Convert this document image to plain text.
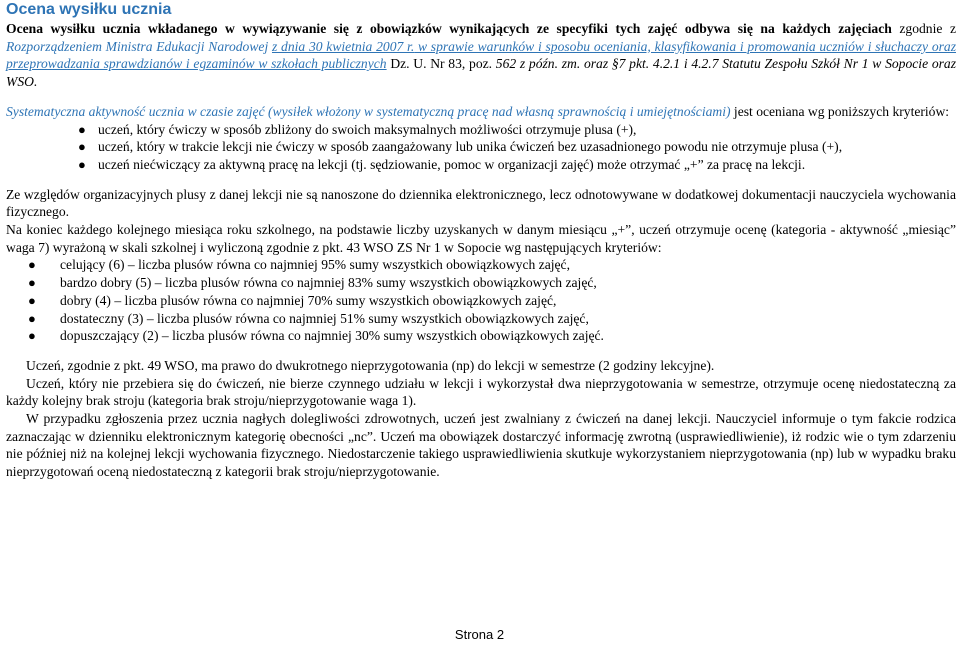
Ocena wysiłku ucznia

Ocena wysiłku ucznia wkładanego w wywiązywanie się z obowiązków wynikających ze specyfiki tych zajęć odbywa się na każdych zajęciach zgodnie z Rozporządzeniem Ministra Edukacji Narodowej z dnia 30 kwietnia 2007 r. w sprawie warunków i sposobu oceniania, klasyfikowania i promowania uczniów i słuchaczy oraz przeprowadzania sprawdzianów i egzaminów w szkołach publicznych Dz. U. Nr 83, poz. 562 z późn. zm. oraz §7 pkt. 4.2.1 i 4.2.7 Statutu Zespołu Szkół Nr 1 w Sopocie oraz WSO.

Systematyczna aktywność ucznia w czasie zajęć (wysiłek włożony w systematyczną pracę nad własną sprawnością i umiejętnościami) jest oceniana wg poniższych kryteriów:

● uczeń, który ćwiczy w sposób zbliżony do swoich maksymalnych możliwości otrzymuje plusa (+),
● uczeń, który w trakcie lekcji nie ćwiczy w sposób zaangażowany lub unika ćwiczeń bez uzasadnionego powodu nie otrzymuje plusa (+),
● uczeń niećwiczący za aktywną pracę na lekcji (tj. sędziowanie, pomoc w organizacji zajęć) może otrzymać „+” za pracę na lekcji.

Ze względów organizacyjnych plusy z danej lekcji nie są nanoszone do dziennika elektronicznego, lecz odnotowywane w dodatkowej dokumentacji nauczyciela wychowania fizycznego.

Na koniec każdego kolejnego miesiąca roku szkolnego, na podstawie liczby uzyskanych w danym miesiącu „+”, uczeń otrzymuje ocenę (kategoria - aktywność „miesiąc” waga 7) wyrażoną w skali szkolnej i wyliczoną zgodnie z pkt. 43 WSO ZS Nr 1 w Sopocie wg następujących kryteriów:

● celujący (6) – liczba plusów równa co najmniej 95% sumy wszystkich obowiązkowych zajęć,
● bardzo dobry (5) – liczba plusów równa co najmniej 83% sumy wszystkich obowiązkowych zajęć,
● dobry (4) – liczba plusów równa co najmniej 70% sumy wszystkich obowiązkowych zajęć,
● dostateczny (3) – liczba plusów równa co najmniej 51% sumy wszystkich obowiązkowych zajęć,
● dopuszczający (2) – liczba plusów równa co najmniej 30% sumy wszystkich obowiązkowych zajęć.

Uczeń, zgodnie z pkt. 49 WSO, ma prawo do dwukrotnego nieprzygotowania (np) do lekcji w semestrze (2 godziny lekcyjne).

Uczeń, który nie przebiera się do ćwiczeń, nie bierze czynnego udziału w lekcji i wykorzystał dwa nieprzygotowania w semestrze, otrzymuje ocenę niedostateczną za każdy kolejny brak stroju (kategoria brak stroju/nieprzygotowanie waga 1).

W przypadku zgłoszenia przez ucznia nagłych dolegliwości zdrowotnych, uczeń jest zwalniany z ćwiczeń na danej lekcji. Nauczyciel informuje o tym fakcie rodzica zaznaczając w dzienniku elektronicznym kategorię obecności „nc”. Uczeń ma obowiązek dostarczyć informację zwrotną (usprawiedliwienie), iż rodzic wie o tym zdarzeniu nie później niż na kolejnej lekcji wychowania fizycznego. Niedostarczenie takiego usprawiedliwienia skutkuje wykorzystaniem nieprzygotowania (np) lub w wypadku braku nieprzygotowań oceną niedostateczną z kategorii brak stroju/nieprzygotowanie.

Strona 2
